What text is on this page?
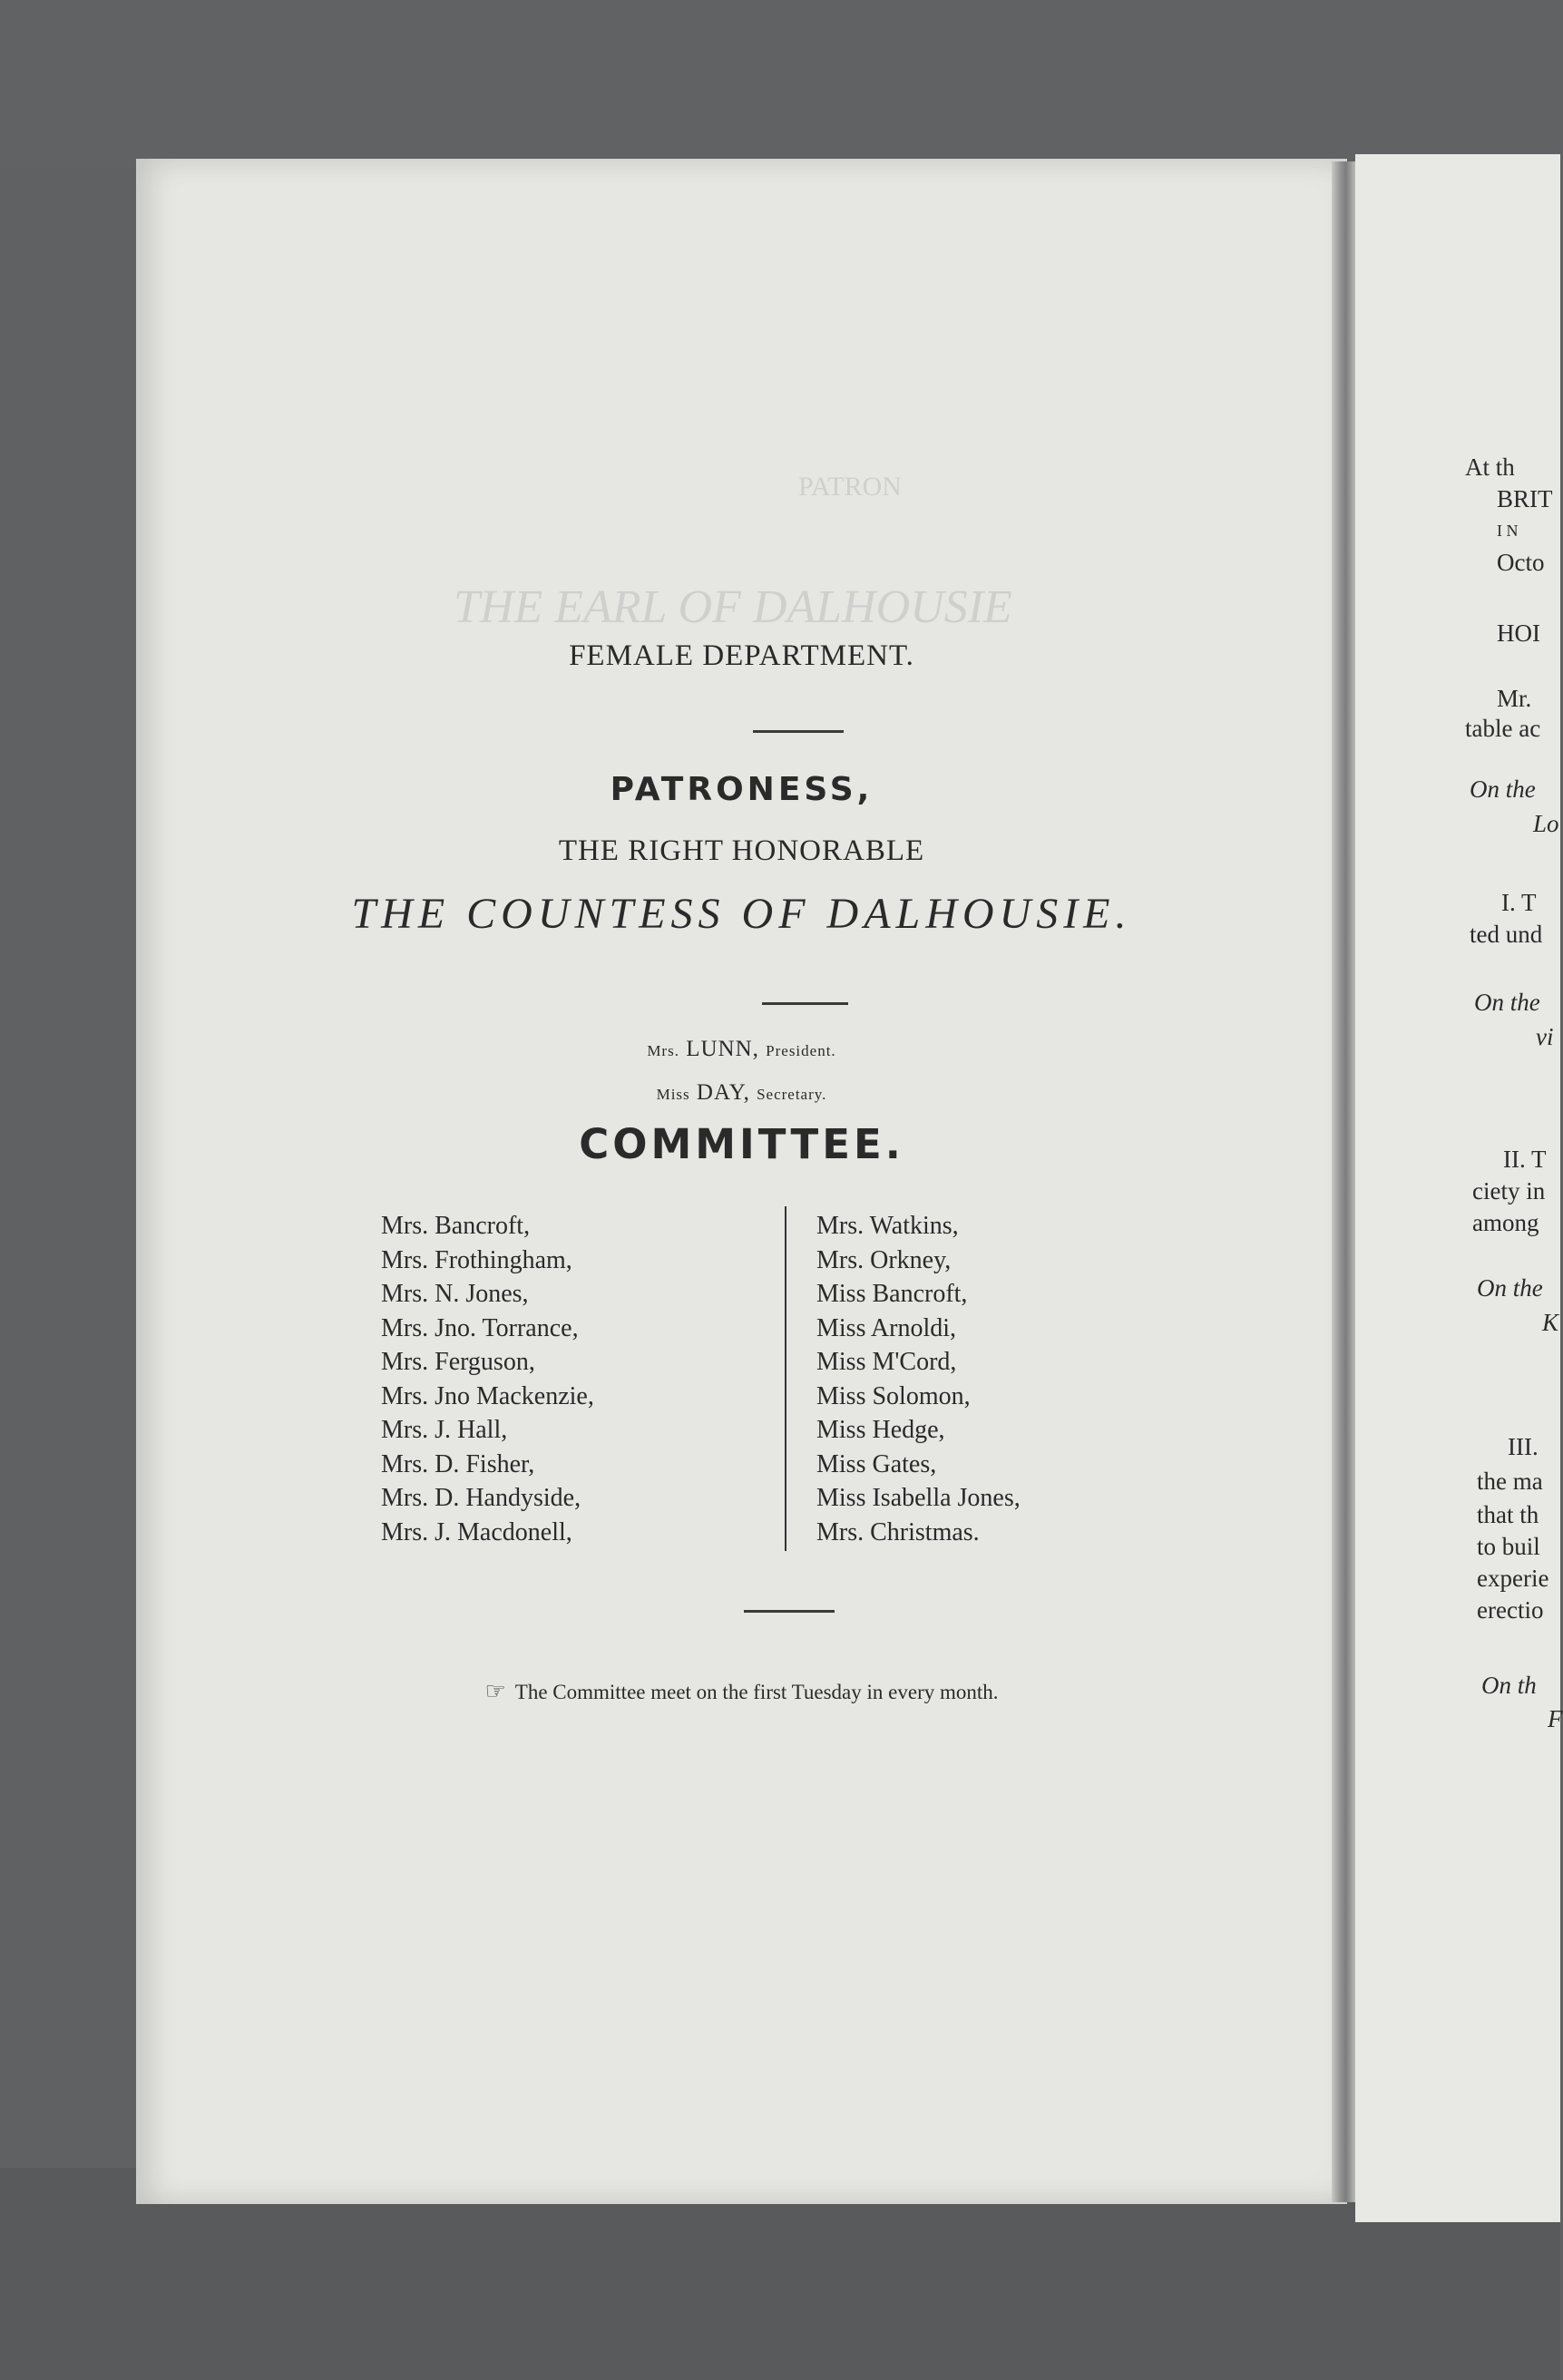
PATRON
THE EARL OF DALHOUSIE
FEMALE DEPARTMENT.
PATRONESS,
THE RIGHT HONORABLE
THE COUNTESS OF DALHOUSIE.
Mrs. LUNN, President.
Miss DAY, Secretary.
COMMITTEE.
Mrs. Bancroft,
Mrs. Frothingham,
Mrs. N. Jones,
Mrs. Jno. Torrance,
Mrs. Ferguson,
Mrs. Jno Mackenzie,
Mrs. J. Hall,
Mrs. D. Fisher,
Mrs. D. Handyside,
Mrs. J. Macdonell,
Mrs. Watkins,
Mrs. Orkney,
Miss Bancroft,
Miss Arnoldi,
Miss M'Cord,
Miss Solomon,
Miss Hedge,
Miss Gates,
Miss Isabella Jones,
Mrs. Christmas.
☞ The Committee meet on the first Tuesday in every month.
At th
BRIT
I N
Octo
HOI
Mr.
table ac
On the
Lo
I. T
ted und
On the
vi
II. T
ciety in
among
On the
K
III.
the ma
that th
to buil
experie
erectio
On th
F
